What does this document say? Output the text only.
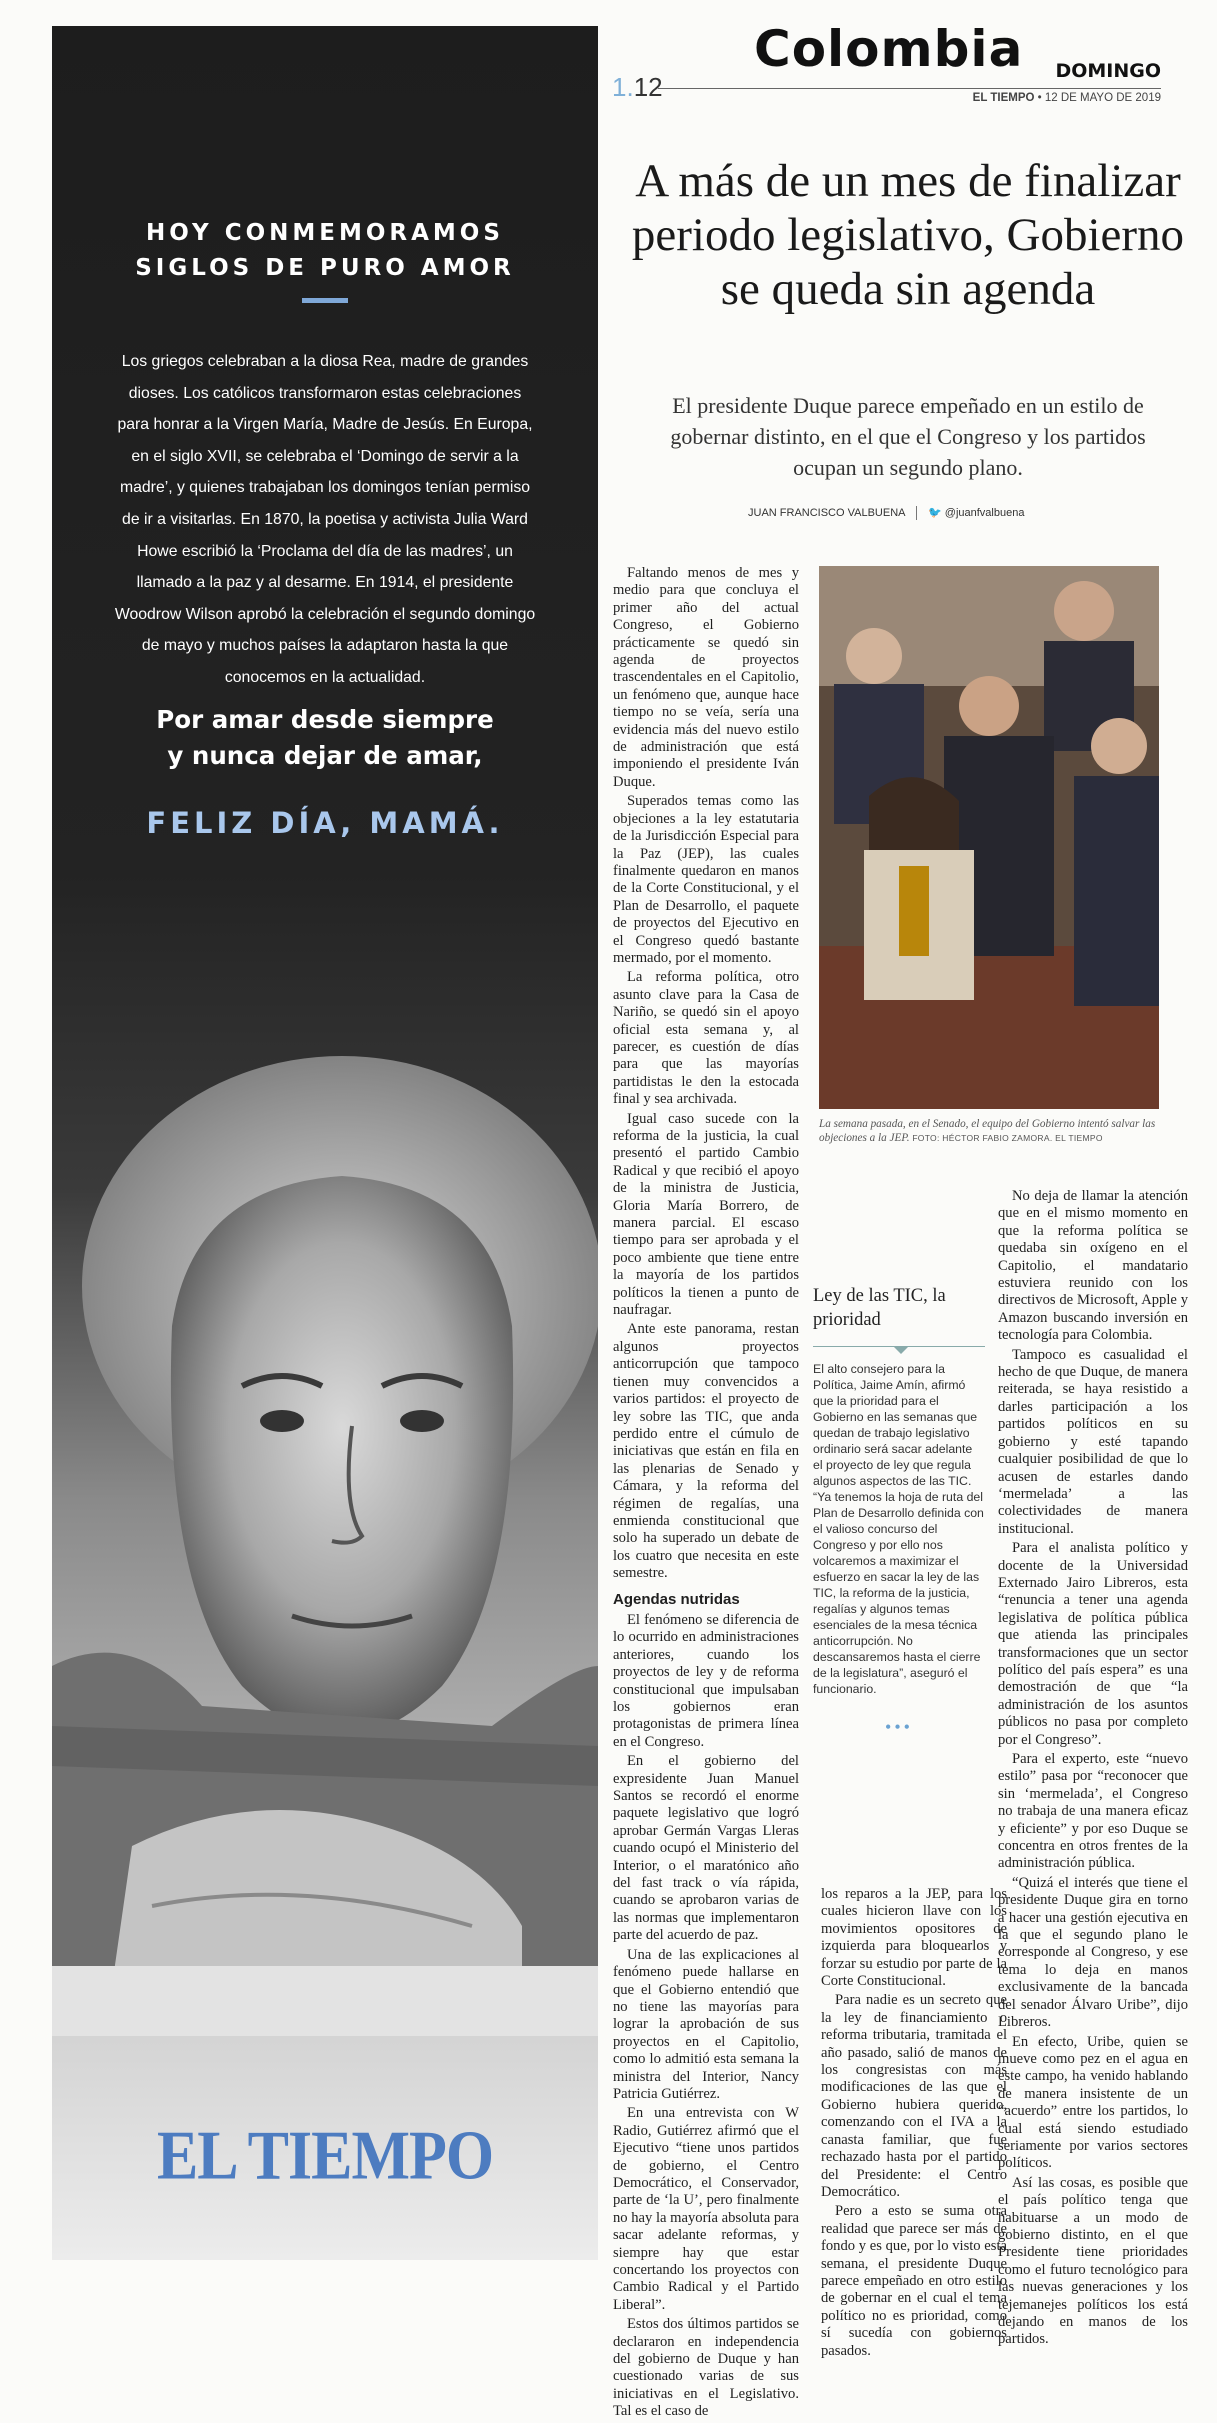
HOY CONMEMORAMOS
SIGLOS DE PURO AMOR
Los griegos celebraban a la diosa Rea, madre de grandes dioses. Los católicos transformaron estas celebraciones para honrar a la Virgen María, Madre de Jesús. En Europa, en el siglo XVII, se celebraba el ‘Domingo de servir a la madre’, y quienes trabajaban los domingos tenían permiso de ir a visitarlas. En 1870, la poetisa y activista Julia Ward Howe escribió la ‘Proclama del día de las madres’, un llamado a la paz y al desarme. En 1914, el presidente Woodrow Wilson aprobó la celebración el segundo domingo de mayo y muchos países la adaptaron hasta la que conocemos en la actualidad.
Por amar desde siempre
y nunca dejar de amar,
FELIZ DÍA, MAMÁ.
EL TIEMPO
1.12
Colombia DOMINGO
EL TIEMPO • 12 DE MAYO DE 2019
A más de un mes de finalizar periodo legislativo, Gobierno se queda sin agenda
El presidente Duque parece empeñado en un estilo de gobernar distinto, en el que el Congreso y los partidos ocupan un segundo plano.
JUAN FRANCISCO VALBUENA 🐦 @juanfvalbuena

Faltando menos de mes y medio para que concluya el primer año del actual Congreso, el Gobierno prácticamente se quedó sin agenda de proyectos trascendentales en el Capitolio, un fenómeno que, aunque hace tiempo no se veía, sería una evidencia más del nuevo estilo de administración que está imponiendo el presidente Iván Duque.

Superados temas como las objeciones a la ley estatutaria de la Jurisdicción Especial para la Paz (JEP), las cuales finalmente quedaron en manos de la Corte Constitucional, y el Plan de Desarrollo, el paquete de proyectos del Ejecutivo en el Congreso quedó bastante mermado, por el momento.

La reforma política, otro asunto clave para la Casa de Nariño, se quedó sin el apoyo oficial esta semana y, al parecer, es cuestión de días para que las mayorías partidistas le den la estocada final y sea archivada.

Igual caso sucede con la reforma de la justicia, la cual presentó el partido Cambio Radical y que recibió el apoyo de la ministra de Justicia, Gloria María Borrero, de manera parcial. El escaso tiempo para ser aprobada y el poco ambiente que tiene entre la mayoría de los partidos políticos la tienen a punto de naufragar.

Ante este panorama, restan algunos proyectos anticorrupción que tampoco tienen muy convencidos a varios partidos: el proyecto de ley sobre las TIC, que anda perdido entre el cúmulo de iniciativas que están en fila en las plenarias de Senado y Cámara, y la reforma del régimen de regalías, una enmienda constitucional que solo ha superado un debate de los cuatro que necesita en este semestre.

Agendas nutridas

El fenómeno se diferencia de lo ocurrido en administraciones anteriores, cuando los proyectos de ley y de reforma constitucional que impulsaban los gobiernos eran protagonistas de primera línea en el Congreso.

En el gobierno del expresidente Juan Manuel Santos se recordó el enorme paquete legislativo que logró aprobar Germán Vargas Lleras cuando ocupó el Ministerio del Interior, o el maratónico año del fast track o vía rápida, cuando se aprobaron varias de las normas que implementaron parte del acuerdo de paz.

Una de las explicaciones al fenómeno puede hallarse en que el Gobierno entendió que no tiene las mayorías para lograr la aprobación de sus proyectos en el Capitolio, como lo admitió esta semana la ministra del Interior, Nancy Patricia Gutiérrez.

En una entrevista con W Radio, Gutiérrez afirmó que el Ejecutivo “tiene unos partidos de gobierno, el Centro Democrático, el Conservador, parte de ‘la U’, pero finalmente no hay la mayoría absoluta para sacar adelante reformas, y siempre hay que estar concertando los proyectos con Cambio Radical y el Partido Liberal”.

Estos dos últimos partidos se declararon en independencia del gobierno de Duque y han cuestionado varias de sus iniciativas en el Legislativo. Tal es el caso de

La semana pasada, en el Senado, el equipo del Gobierno intentó salvar las objeciones a la JEP. FOTO: HÉCTOR FABIO ZAMORA. EL TIEMPO
Ley de las TIC, la prioridad

El alto consejero para la Política, Jaime Amín, afirmó que la prioridad para el Gobierno en las semanas que quedan de trabajo legislativo ordinario será sacar adelante el proyecto de ley que regula algunos aspectos de las TIC. “Ya tenemos la hoja de ruta del Plan de Desarrollo definida con el valioso concurso del Congreso y por ello nos volcaremos a maximizar el esfuerzo en sacar la ley de las TIC, la reforma de la justicia, regalías y algunos temas esenciales de la mesa técnica anticorrupción. No descansaremos hasta el cierre de la legislatura”, aseguró el funcionario.

•••

los reparos a la JEP, para los cuales hicieron llave con los movimientos opositores de izquierda para bloquearlos y forzar su estudio por parte de la Corte Constitucional.

Para nadie es un secreto que la ley de financiamiento o reforma tributaria, tramitada el año pasado, salió de manos de los congresistas con más modificaciones de las que el Gobierno hubiera querido, comenzando con el IVA a la canasta familiar, que fue rechazado hasta por el partido del Presidente: el Centro Democrático.

Pero a esto se suma otra realidad que parece ser más de fondo y es que, por lo visto esta semana, el presidente Duque parece empeñado en otro estilo de gobernar en el cual el tema político no es prioridad, como sí sucedía con gobiernos pasados.

No deja de llamar la atención que en el mismo momento en que la reforma política se quedaba sin oxígeno en el Capitolio, el mandatario estuviera reunido con los directivos de Microsoft, Apple y Amazon buscando inversión en tecnología para Colombia.

Tampoco es casualidad el hecho de que Duque, de manera reiterada, se haya resistido a darles participación a los partidos políticos en su gobierno y esté tapando cualquier posibilidad de que lo acusen de estarles dando ‘mermelada’ a las colectividades de manera institucional.

Para el analista político y docente de la Universidad Externado Jairo Libreros, esta “renuncia a tener una agenda legislativa de política pública que atienda las principales transformaciones que un sector político del país espera” es una demostración de que “la administración de los asuntos públicos no pasa por completo por el Congreso”.

Para el experto, este “nuevo estilo” pasa por “reconocer que sin ‘mermelada’, el Congreso no trabaja de una manera eficaz y eficiente” y por eso Duque se concentra en otros frentes de la administración pública.

“Quizá el interés que tiene el presidente Duque gira en torno a hacer una gestión ejecutiva en la que el segundo plano le corresponde al Congreso, y ese tema lo deja en manos exclusivamente de la bancada del senador Álvaro Uribe”, dijo Libreros.

En efecto, Uribe, quien se mueve como pez en el agua en este campo, ha venido hablando de manera insistente de un “acuerdo” entre los partidos, lo cual está siendo estudiado seriamente por varios sectores políticos.

Así las cosas, es posible que el país político tenga que habituarse a un modo de gobierno distinto, en el que Presidente tiene prioridades como el futuro tecnológico para las nuevas generaciones y los tejemanejes políticos los está dejando en manos de los partidos.
